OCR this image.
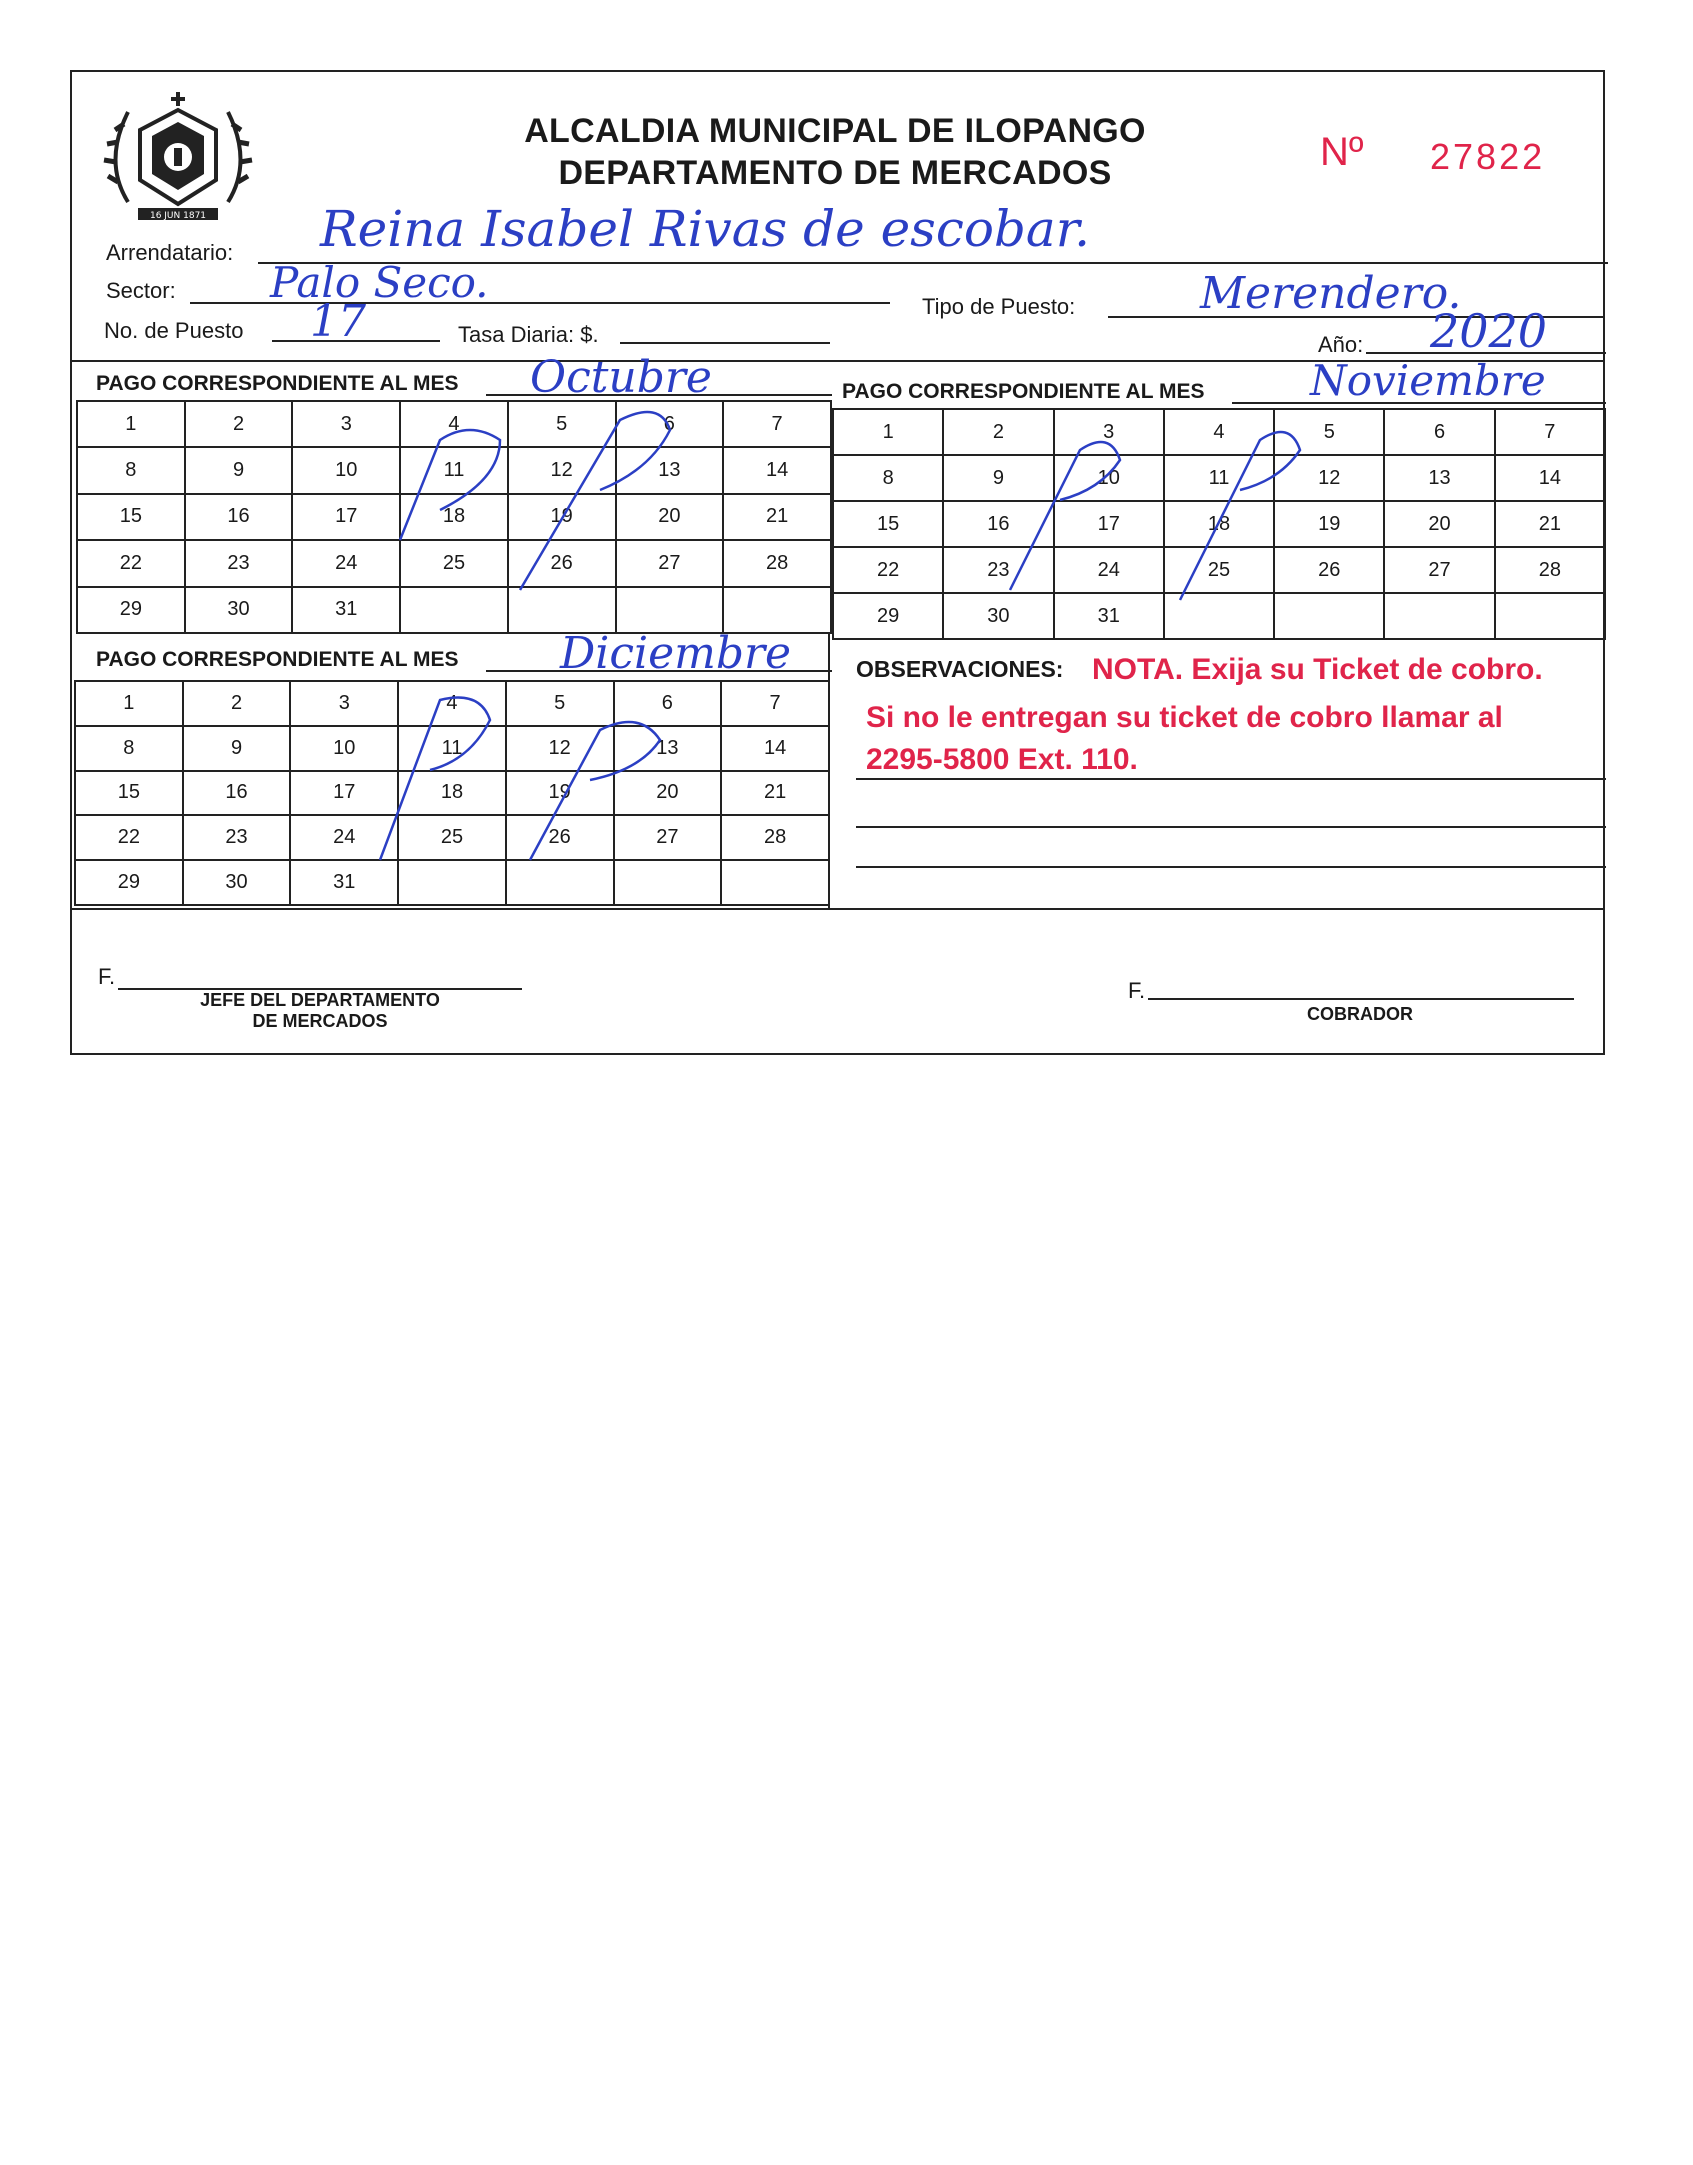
16 JUN 1871
ALCALDIA MUNICIPAL DE ILOPANGO
DEPARTAMENTO DE MERCADOS	Nº 27822
Arrendatario: Reina Isabel Rivas de escobar.
Sector: Palo Seco.	Tipo de Puesto:	Merendero.
No. de Puesto 17	Tasa Diaria: $.	Año: 2020
PAGO CORRESPONDIENTE AL MES Octubre	PAGO CORRESPONDIENTE AL MES	Noviembre
PAGO CORRESPONDIENTE AL MES Diciembre
1	2	3	4	5	6	7
8	9	10	11	12	13	14
15	16	17	18	19	20	21
22	23	24	25	26	27	28
29	30	31				
1	2	3	4	5	6	7
8	9	10	11	12	13	14
15	16	17	18	19	20	21
22	23	24	25	26	27	28
29	30	31				
1	2	3	4	5	6	7
8	9	10	11	12	13	14
15	16	17	18	19	20	21
22	23	24	25	26	27	28
29	30	31				
OBSERVACIONES: NOTA. Exija su Ticket de cobro.
Si no le entregan su ticket de cobro llamar al
2295-5800 Ext. 110.
F.
JEFE DEL DEPARTAMENTO
DE MERCADOS
F.
COBRADOR
